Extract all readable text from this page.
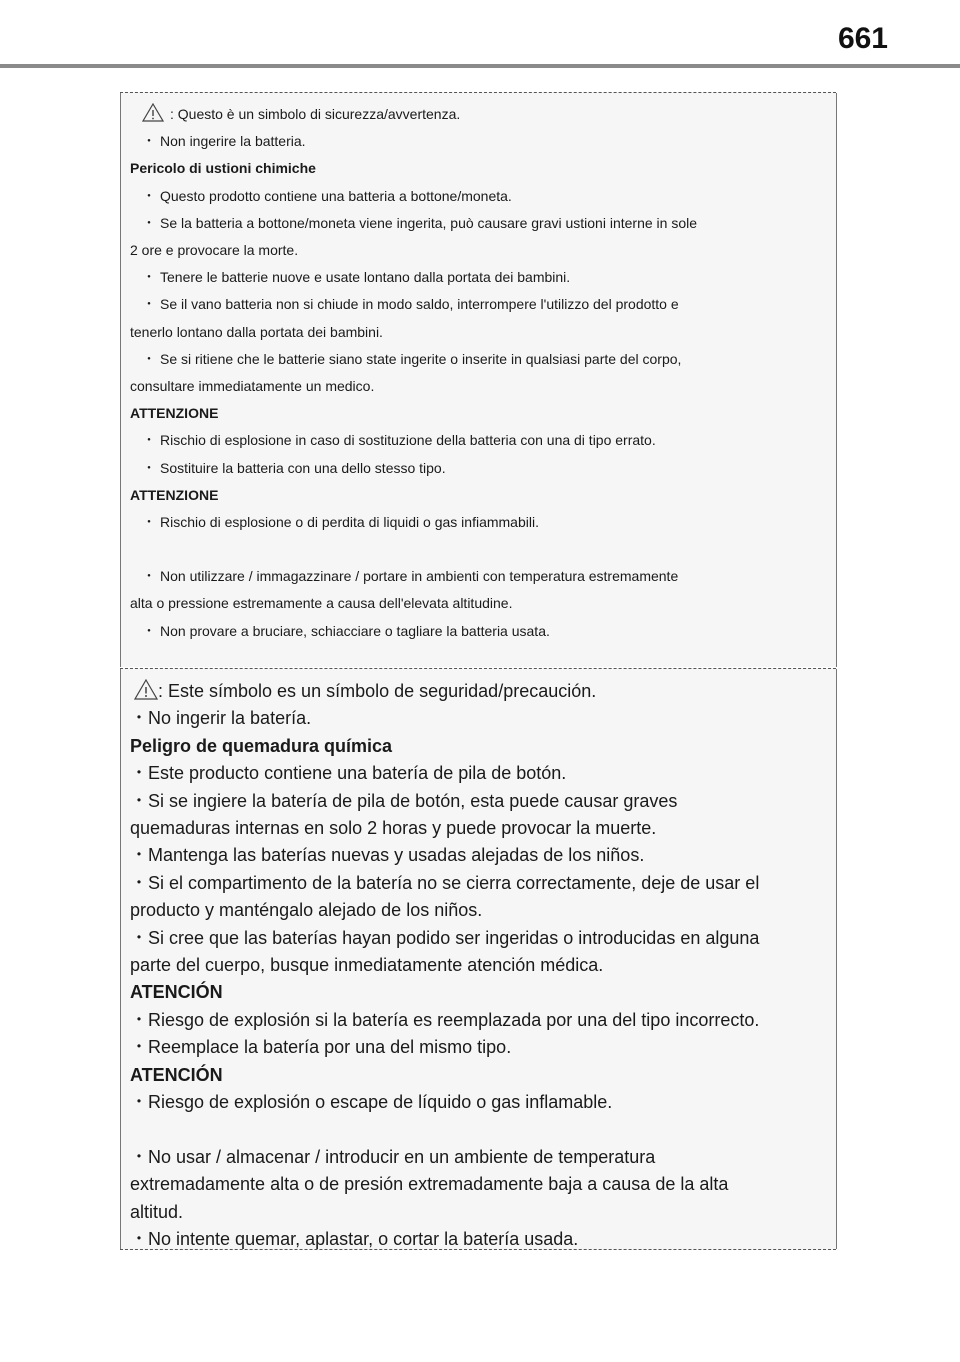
661
: Questo è un simbolo di sicurezza/avvertenza.
・ Non ingerire la batteria.
Pericolo di ustioni chimiche
・ Questo prodotto contiene una batteria a bottone/moneta.
・ Se la batteria a bottone/moneta viene ingerita, può causare gravi ustioni interne in sole
2 ore e provocare la morte.
・ Tenere le batterie nuove e usate lontano dalla portata dei bambini.
・ Se il vano batteria non si chiude in modo saldo, interrompere l'utilizzo del prodotto e
tenerlo lontano dalla portata dei bambini.
・ Se si ritiene che le batterie siano state ingerite o inserite in qualsiasi parte del corpo,
consultare immediatamente un medico.
ATTENZIONE
・ Rischio di esplosione in caso di sostituzione della batteria con una di tipo errato.
・ Sostituire la batteria con una dello stesso tipo.
ATTENZIONE
・ Rischio di esplosione o di perdita di liquidi o gas infiammabili.
・ Non utilizzare / immagazzinare / portare in ambienti con temperatura estremamente
alta o pressione estremamente a causa dell'elevata altitudine.
・ Non provare a bruciare, schiacciare o tagliare la batteria usata.
: Este símbolo es un símbolo de seguridad/precaución.
・No ingerir la batería.
Peligro de quemadura química
・Este producto contiene una batería de pila de botón.
・Si se ingiere la batería de pila de botón, esta puede causar graves
quemaduras internas en solo 2 horas y puede provocar la muerte.
・Mantenga las baterías nuevas y usadas alejadas de los niños.
・Si el compartimento de la batería no se cierra correctamente, deje de usar el
producto y manténgalo alejado de los niños.
・Si cree que las baterías hayan podido ser ingeridas o introducidas en alguna
parte del cuerpo, busque inmediatamente atención médica.
ATENCIÓN
・Riesgo de explosión si la batería es reemplazada por una del tipo incorrecto.
・Reemplace la batería por una del mismo tipo.
ATENCIÓN
・Riesgo de explosión o escape de líquido o gas inflamable.
・No usar / almacenar / introducir en un ambiente de temperatura
extremadamente alta o de presión extremadamente baja a causa de la alta
altitud.
・No intente quemar, aplastar, o cortar la batería usada.
